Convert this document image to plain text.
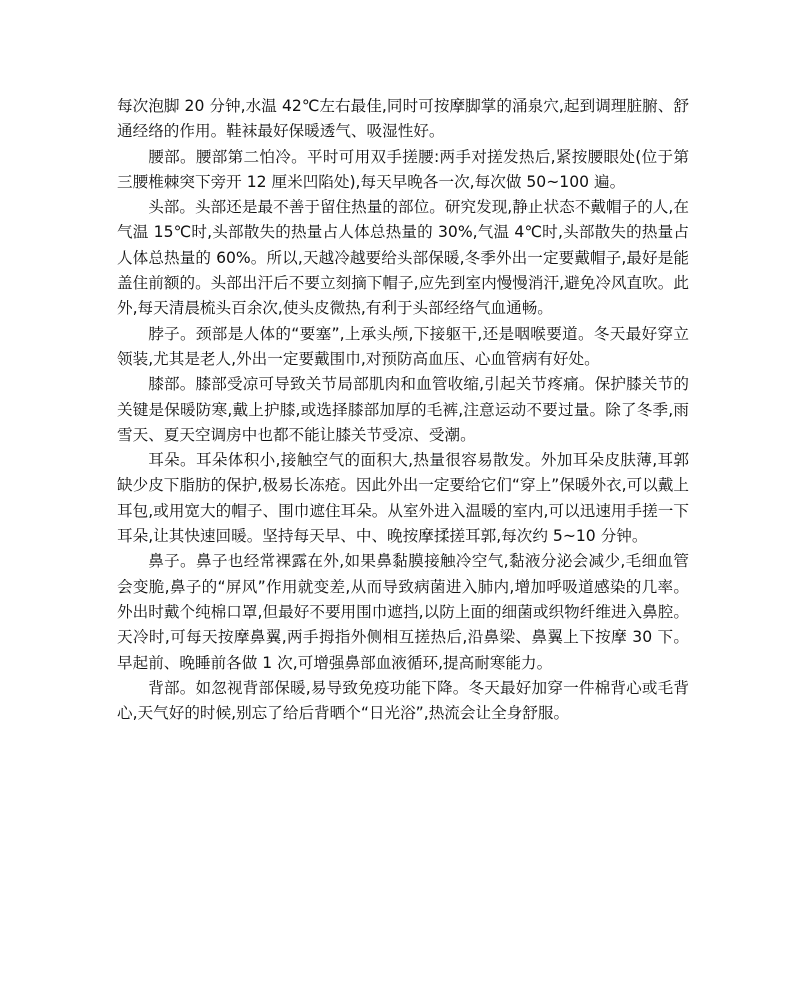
每次泡脚 20 分钟,水温 42℃左右最佳,同时可按摩脚掌的涌泉穴,起到调理脏腑、舒通经络的作用。鞋袜最好保暖透气、吸湿性好。

腰部。腰部第二怕冷。平时可用双手搓腰:两手对搓发热后,紧按腰眼处(位于第三腰椎棘突下旁开 12 厘米凹陷处),每天早晚各一次,每次做 50~100 遍。

头部。头部还是最不善于留住热量的部位。研究发现,静止状态不戴帽子的人,在气温 15℃时,头部散失的热量占人体总热量的 30%,气温 4℃时,头部散失的热量占人体总热量的 60%。所以,天越冷越要给头部保暖,冬季外出一定要戴帽子,最好是能盖住前额的。头部出汗后不要立刻摘下帽子,应先到室内慢慢消汗,避免冷风直吹。此外,每天清晨梳头百余次,使头皮微热,有利于头部经络气血通畅。

脖子。颈部是人体的“要塞”,上承头颅,下接躯干,还是咽喉要道。冬天最好穿立领装,尤其是老人,外出一定要戴围巾,对预防高血压、心血管病有好处。

膝部。膝部受凉可导致关节局部肌肉和血管收缩,引起关节疼痛。保护膝关节的关键是保暖防寒,戴上护膝,或选择膝部加厚的毛裤,注意运动不要过量。除了冬季,雨雪天、夏天空调房中也都不能让膝关节受凉、受潮。

耳朵。耳朵体积小,接触空气的面积大,热量很容易散发。外加耳朵皮肤薄,耳郭缺少皮下脂肪的保护,极易长冻疮。因此外出一定要给它们“穿上”保暖外衣,可以戴上耳包,或用宽大的帽子、围巾遮住耳朵。从室外进入温暖的室内,可以迅速用手搓一下耳朵,让其快速回暖。坚持每天早、中、晚按摩揉搓耳郭,每次约 5~10 分钟。

鼻子。鼻子也经常裸露在外,如果鼻黏膜接触冷空气,黏液分泌会减少,毛细血管会变脆,鼻子的“屏风”作用就变差,从而导致病菌进入肺内,增加呼吸道感染的几率。外出时戴个纯棉口罩,但最好不要用围巾遮挡,以防上面的细菌或织物纤维进入鼻腔。天冷时,可每天按摩鼻翼,两手拇指外侧相互搓热后,沿鼻梁、鼻翼上下按摩 30 下。早起前、晚睡前各做 1 次,可增强鼻部血液循环,提高耐寒能力。

背部。如忽视背部保暖,易导致免疫功能下降。冬天最好加穿一件棉背心或毛背心,天气好的时候,别忘了给后背晒个“日光浴”,热流会让全身舒服。
